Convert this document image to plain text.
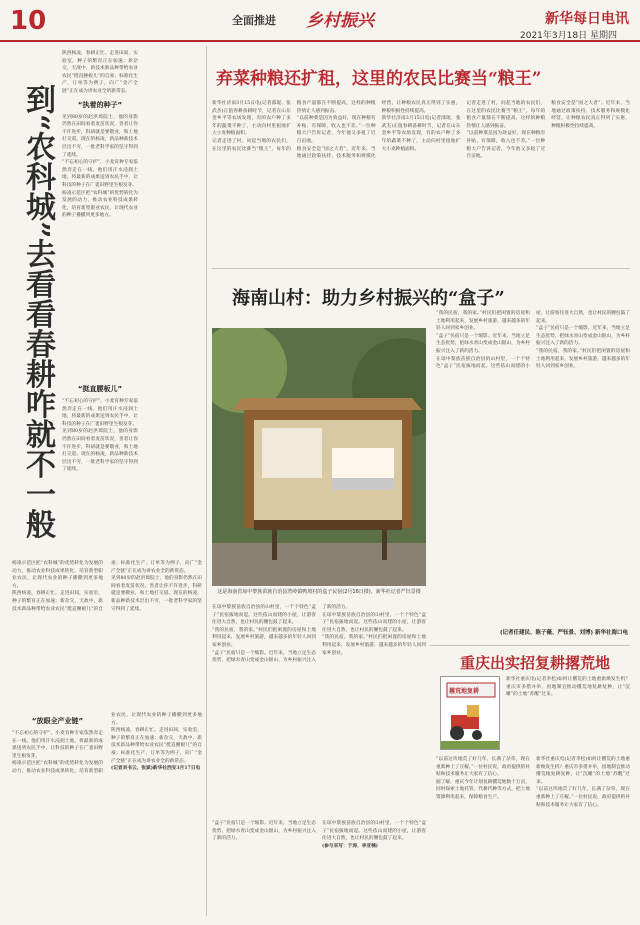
10	全面推进 乡村振兴	新华每日电讯
2021年3月18日 星期四
到“农科城”去看看春耕咋就不一般

陕西杨凌，春耕正忙。走进田间，实验室，种子的繁育正在加速；新杂交，天敌中，新技术新品种带给农业农民“挺直腰板儿”的自豪；标准化生产，订单等为例子，向广“金产全链”正在成为讲农业全的新常态。

“执着的种子”

见到80岁的赵洪璋院士，他的身影仍然在田间看着麦苗状况，善者让你不许进步，科研就是要敬业，和土地打交道。现在的杨凌，新品种新技术层出不穷，一批老科学家的坚守得到了延续。

“不忘初心的守护”，小麦育种专家依然奔走在一线。他们用汗水浸润土地，将最新的成果送到农民手中，让科技的种子在广袤田野里生根发芽。

杨凌示范区把“农科城”的优势转化为发展的动力，推动农业科技成果转化，培育新型职业农民，让现代农业的种子播撒到更多地方。

“挺直腰板儿”

“不忘初心的守护”，小麦育种专家依然奔走在一线。他们用汗水浸润土地，将最新的成果送到农民手中，让科技的种子在广袤田野里生根发芽。

见到80岁的赵洪璋院士，他的身影仍然在田间看着麦苗状况，善者让你不许进步，科研就是要敬业，和土地打交道。现在的杨凌，新品种新技术层出不穷，一批老科学家的坚守得到了延续。

杨凌示范区把“农科城”的优势转化为发展的动力，推动农业科技成果转化，培育新型职业农民，让现代农业的种子播撒到更多地方。

陕西杨凌，春耕正忙。走进田间，实验室，种子的繁育正在加速；新杂交，天敌中，新技术新品种带给农业农民“挺直腰板儿”的自豪；标准化生产，订单等为例子，向广“金产全链”正在成为讲农业全的新常态。

见到80岁的赵洪璋院士，他的身影仍然在田间看着麦苗状况，善者让你不许进步，科研就是要敬业，和土地打交道。现在的杨凌，新品种新技术层出不穷，一批老科学家的坚守得到了延续。

“放眼全产业链”

“不忘初心的守护”，小麦育种专家依然奔走在一线。他们用汗水浸润土地，将最新的成果送到农民手中，让科技的种子在广袤田野里生根发芽。

杨凌示范区把“农科城”的优势转化为发展的动力，推动农业科技成果转化，培育新型职业农民，让现代农业的种子播撒到更多地方。

陕西杨凌，春耕正忙。走进田间，实验室，种子的繁育正在加速；新杂交，天敌中，新技术新品种带给农业农民“挺直腰板儿”的自豪；标准化生产，订单等为例子，向广“金产全链”正在成为讲农业全的新常态。

(记者刘书云、张斌)新华社西安3月17日电

弃菜种粮还扩租，这里的农民比赛当“粮王”

新华社济南3月15日电(记者邵琨、张武杰)正值春耕备耕时节，记者在山东金乡平等农场发现，有的农户种了多年的蔬菜不种了，主动向村里租地扩大小麦种植面积。

记者走进了村，问起当地的农民们，在这里的农民比赛当“粮王”，每年的粮食产量都在不断提高，这样的种粮热情让人感到振奋。

“以前种菜是因为效益好，现在种粮有补贴、有保障，收入也不差。”一位种粮大户告诉记者，今年他又多租了近百亩地。

粮食安全是“国之大者”。近年来，当地通过政策扶持、技术服务和规模化经营，让种粮农民真正得到了实惠，种粮积极性持续提高。

新华社济南3月15日电(记者邵琨、张武杰)正值春耕备耕时节，记者在山东金乡平等农场发现，有的农户种了多年的蔬菜不种了，主动向村里租地扩大小麦种植面积。

记者走进了村，问起当地的农民们，在这里的农民比赛当“粮王”，每年的粮食产量都在不断提高，这样的种粮热情让人感到振奋。

“以前种菜是因为效益好，现在种粮有补贴、有保障，收入也不差。”一位种粮大户告诉记者，今年他又多租了近百亩地。

粮食安全是“国之大者”。近年来，当地通过政策扶持、技术服务和规模化经营，让种粮农民真正得到了实惠，种粮积极性持续提高。

海南山村：助力乡村振兴的“盒子”
这是海南省琼中黎族苗族自治县湾岭镇鸭坡村的盒子民宿(2月16日摄)。新华社记者严钰景摄

在琼中黎族苗族自治县的山村里，一个个特色“盒子”民宿拔地而起。这些依山而建的小屋，让游客住进大自然，也让村民的腰包鼓了起来。

“我的民宿，我的家。”村民们把闲置的房屋和土地利用起来，发展乡村旅游，越来越多的年轻人回到家乡创业。

“盒子”民宿只是一个缩影。近年来，当地立足生态优势，把绿水青山变成金山银山，为乡村振兴注入了新的活力。

在琼中黎族苗族自治县的山村里，一个个特色“盒子”民宿拔地而起。这些依山而建的小屋，让游客住进大自然，也让村民的腰包鼓了起来。

“我的民宿，我的家。”村民们把闲置的房屋和土地利用起来，发展乡村旅游，越来越多的年轻人回到家乡创业。

“我的民宿，我的家。”村民们把闲置的房屋和土地利用起来，发展乡村旅游，越来越多的年轻人回到家乡创业。

“盒子”民宿只是一个缩影。近年来，当地立足生态优势，把绿水青山变成金山银山，为乡村振兴注入了新的活力。

在琼中黎族苗族自治县的山村里，一个个特色“盒子”民宿拔地而起。这些依山而建的小屋，让游客住进大自然，也让村民的腰包鼓了起来。

“盒子”民宿只是一个缩影。近年来，当地立足生态优势，把绿水青山变成金山银山，为乡村振兴注入了新的活力。

“我的民宿，我的家。”村民们把闲置的房屋和土地利用起来，发展乡村旅游，越来越多的年轻人回到家乡创业。

(记者任建民、陈子薇、严钰景、刘博) 新华社海口电
重庆出实招复耕撂荒地
撂荒地复耕

新华社重庆电(记者李松)如何让撂荒的土地重新焕发生机？重庆市多措并举，因地制宜推动撂荒地复耕复种，让“沉睡”的土地“苏醒”过来。

“以前这块地荒了好几年，长满了杂草，现在重新种上了庄稼。”一位村民说，政府提供的补贴和技术服务让大家有了信心。

据了解，重庆今年计划复耕撂荒地数十万亩，同时探索土地托管、代耕代种等方式，把土地资源利用起来，保障粮食生产。

新华社重庆电(记者李松)如何让撂荒的土地重新焕发生机？重庆市多措并举，因地制宜推动撂荒地复耕复种，让“沉睡”的土地“苏醒”过来。

“以前这块地荒了好几年，长满了杂草，现在重新种上了庄稼。”一位村民说，政府提供的补贴和技术服务让大家有了信心。

“盒子”民宿只是一个缩影。近年来，当地立足生态优势，把绿水青山变成金山银山，为乡村振兴注入了新的活力。

在琼中黎族苗族自治县的山村里，一个个特色“盒子”民宿拔地而起。这些依山而建的小屋，让游客住进大自然，也让村民的腰包鼓了起来。

(参与采写：于涛、李亚楠)
